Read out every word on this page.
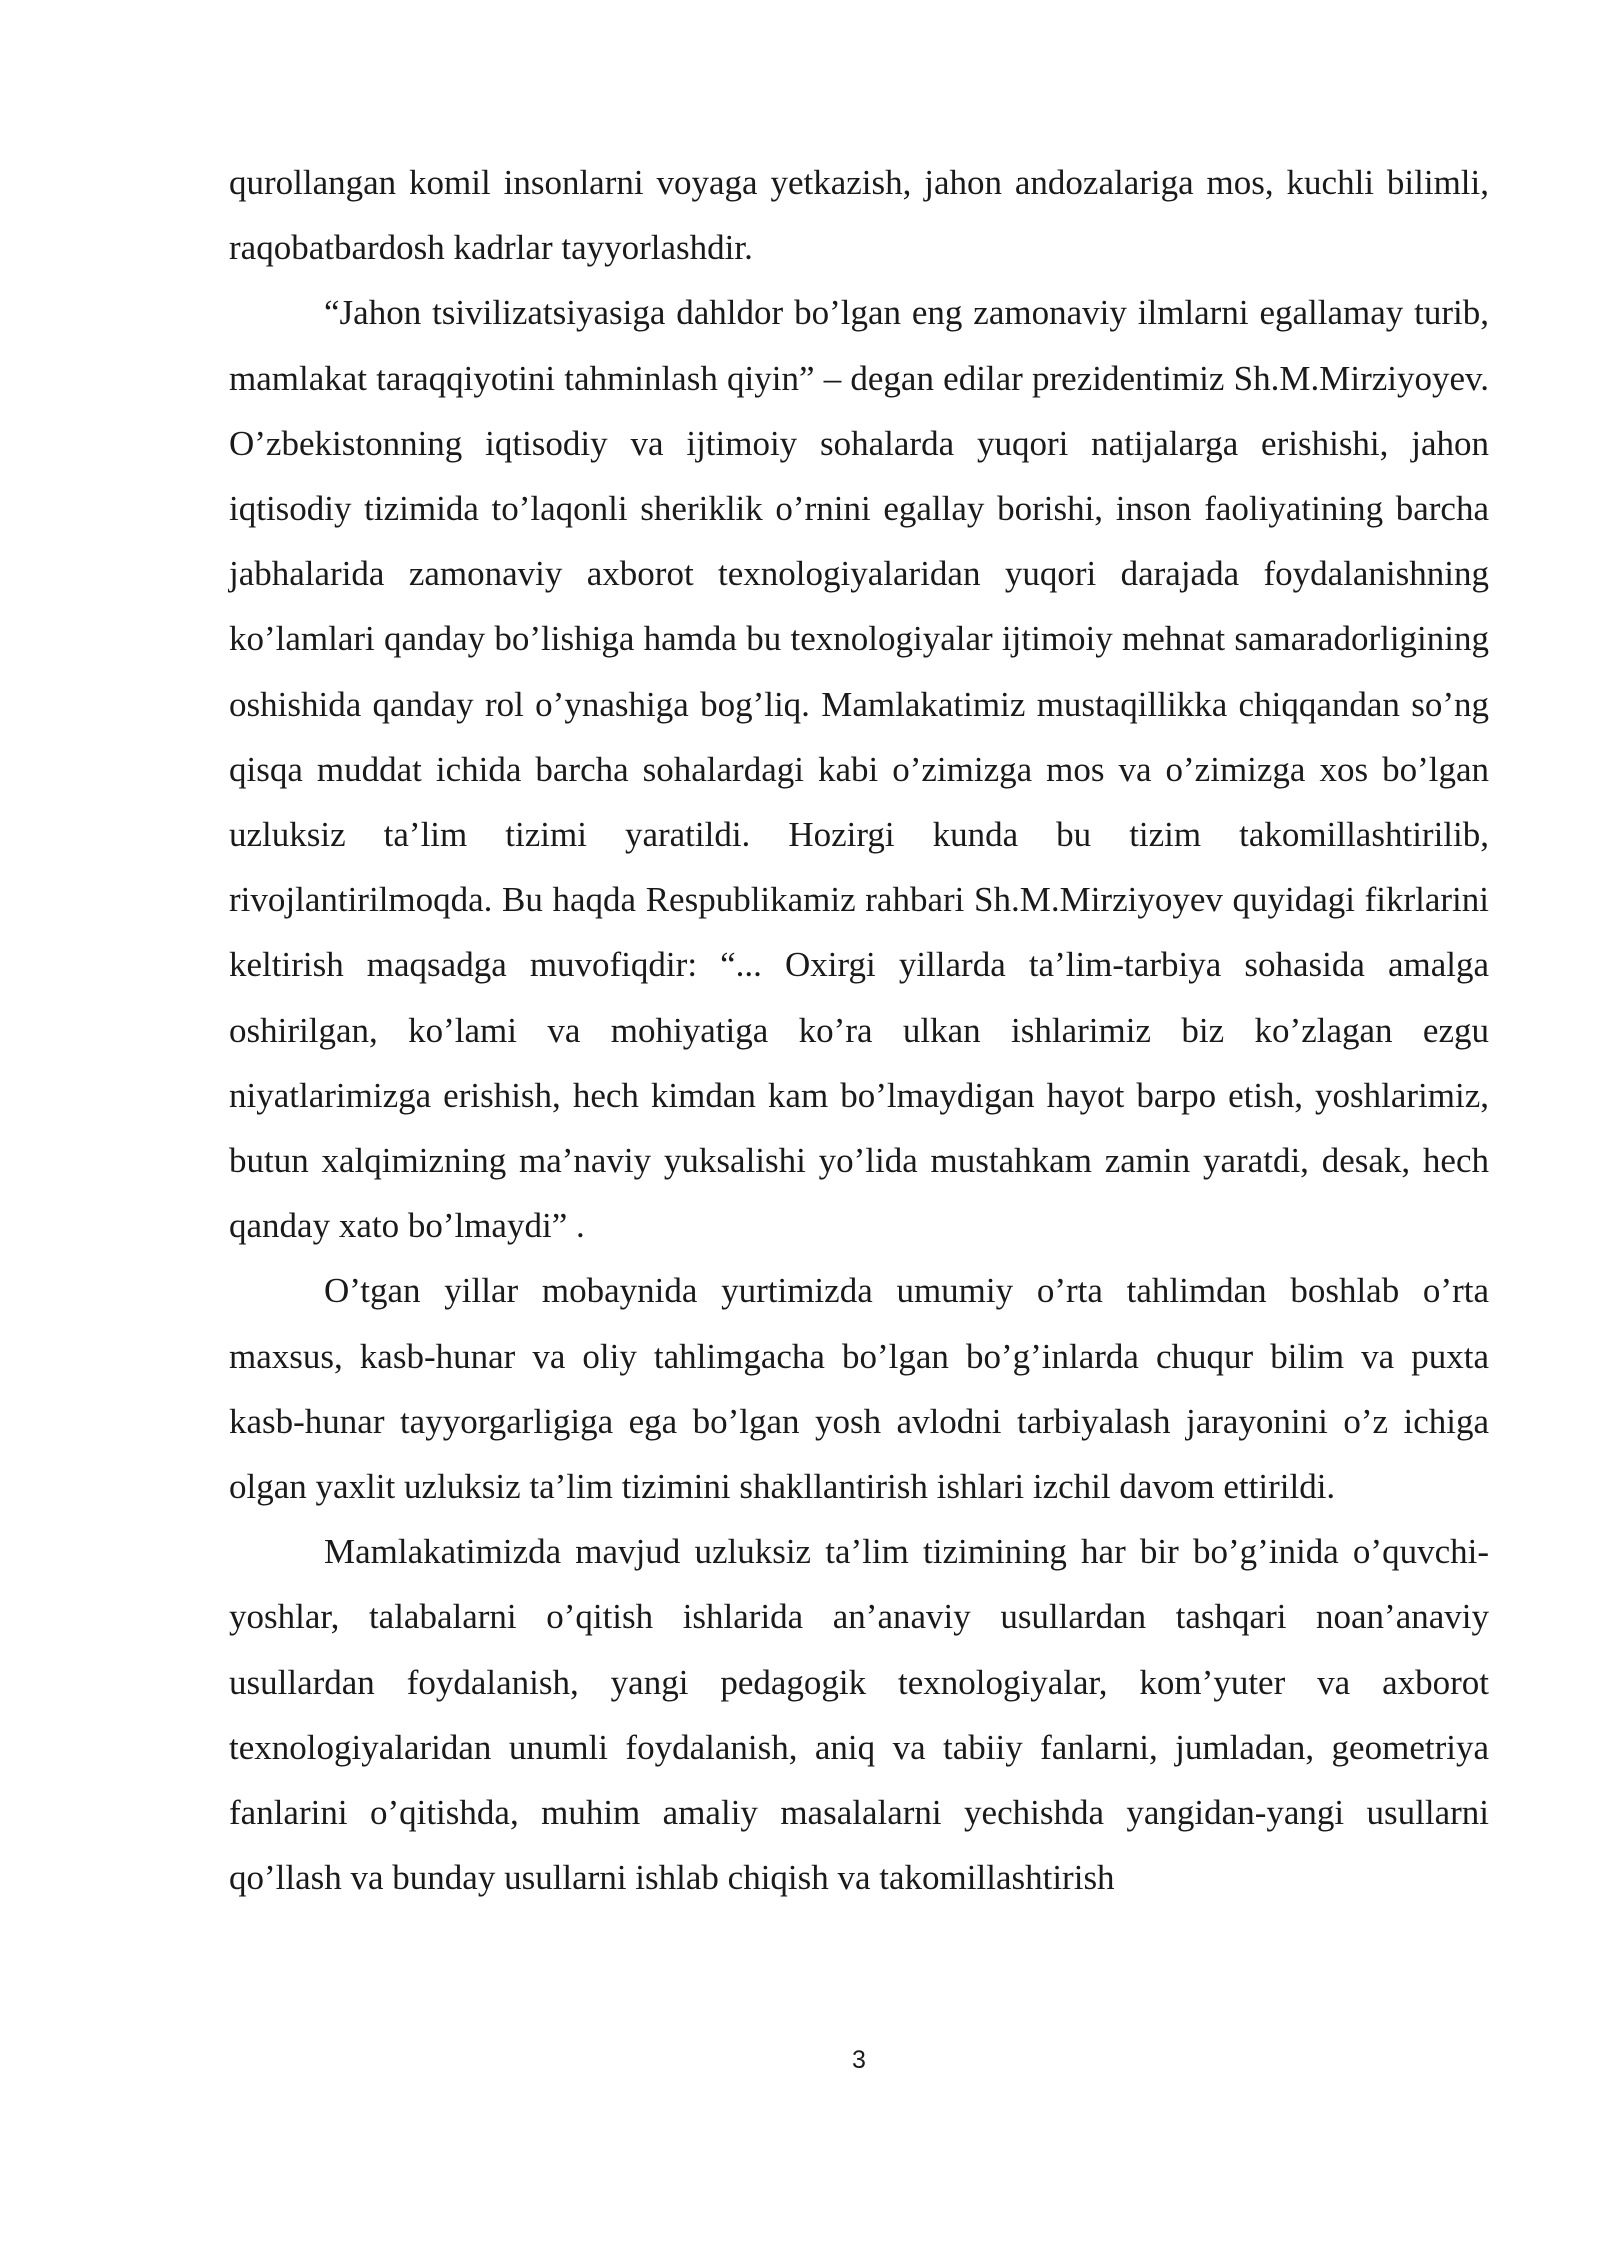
qurollangan komil insonlarni voyaga yetkazish, jahon andozalariga mos, kuchli bilimli, raqobatbardosh kadrlar tayyorlashdir.

“Jahon tsivilizatsiyasiga dahldor bo’lgan eng zamonaviy ilmlarni egallamay turib, mamlakat taraqqiyotini tahminlash qiyin” – degan edilar prezidentimiz Sh.M.Mirziyoyev. O’zbekistonning iqtisodiy va ijtimoiy sohalarda yuqori natijalarga erishishi, jahon iqtisodiy tizimida to’laqonli sheriklik o’rnini egallay borishi, inson faoliyatining barcha jabhalarida zamonaviy axborot texnologiyalaridan yuqori darajada foydalanishning ko’lamlari qanday bo’lishiga hamda bu texnologiyalar ijtimoiy mehnat samaradorligining oshishida qanday rol o’ynashiga bog’liq. Mamlakatimiz mustaqillikka chiqqandan so’ng qisqa muddat ichida barcha sohalardagi kabi o’zimizga mos va o’zimizga xos bo’lgan uzluksiz ta’lim tizimi yaratildi. Hozirgi kunda bu tizim takomillashtirilib, rivojlantirilmoqda. Bu haqda Respublikamiz rahbari Sh.M.Mirziyoyev quyidagi fikrlarini keltirish maqsadga muvofiqdir: “... Oxirgi yillarda ta’lim-tarbiya sohasida amalga oshirilgan, ko’lami va mohiyatiga ko’ra ulkan ishlarimiz biz ko’zlagan ezgu niyatlarimizga erishish, hech kimdan kam bo’lmaydigan hayot barpo etish, yoshlarimiz, butun xalqimizning ma’naviy yuksalishi yo’lida mustahkam zamin yaratdi, desak, hech qanday xato bo’lmaydi” .

O’tgan yillar mobaynida yurtimizda umumiy o’rta tahlimdan boshlab o’rta maxsus, kasb-hunar va oliy tahlimgacha bo’lgan bo’g’inlarda chuqur bilim va puxta kasb-hunar tayyorgarligiga ega bo’lgan yosh avlodni tarbiyalash jarayonini o’z ichiga olgan yaxlit uzluksiz ta’lim tizimini shakllantirish ishlari izchil davom ettirildi.

Mamlakatimizda mavjud uzluksiz ta’lim tizimining har bir bo’g’inida o’quvchi-yoshlar, talabalarni o’qitish ishlarida an’anaviy usullardan tashqari noan’anaviy usullardan foydalanish, yangi pedagogik texnologiyalar, kom’yuter va axborot texnologiyalaridan unumli foydalanish, aniq va tabiiy fanlarni, jumladan, geometriya fanlarini o’qitishda, muhim amaliy masalalarni yechishda yangidan-yangi usullarni qo’llash va bunday usullarni ishlab chiqish va takomillashtirish

3
